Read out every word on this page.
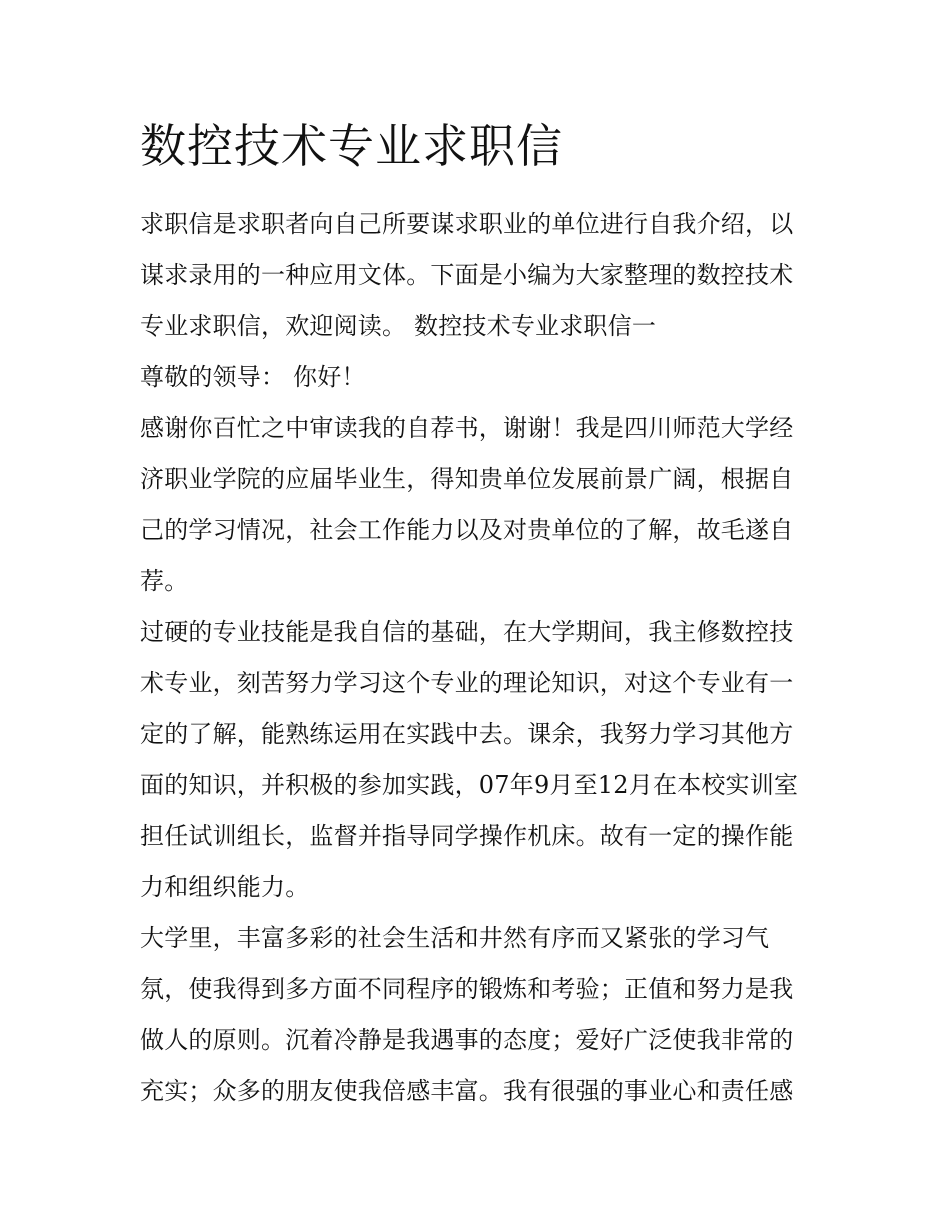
数控技术专业求职信

求职信是求职者向自己所要谋求职业的单位进行自我介绍，以谋求录用的一种应用文体。下面是小编为大家整理的数控技术专业求职信，欢迎阅读。 数控技术专业求职信一

尊敬的领导： 你好！

感谢你百忙之中审读我的自荐书，谢谢！我是四川师范大学经济职业学院的应届毕业生，得知贵单位发展前景广阔，根据自己的学习情况，社会工作能力以及对贵单位的了解，故毛遂自荐。

过硬的专业技能是我自信的基础，在大学期间，我主修数控技术专业，刻苦努力学习这个专业的理论知识，对这个专业有一定的了解，能熟练运用在实践中去。课余，我努力学习其他方面的知识，并积极的参加实践，07年9月至12月在本校实训室担任试训组长，监督并指导同学操作机床。故有一定的操作能力和组织能力。

大学里，丰富多彩的社会生活和井然有序而又紧张的学习气氛，使我得到多方面不同程序的锻炼和考验；正值和努力是我做人的原则。沉着冷静是我遇事的态度；爱好广泛使我非常的充实；众多的朋友使我倍感丰富。我有很强的事业心和责任感
